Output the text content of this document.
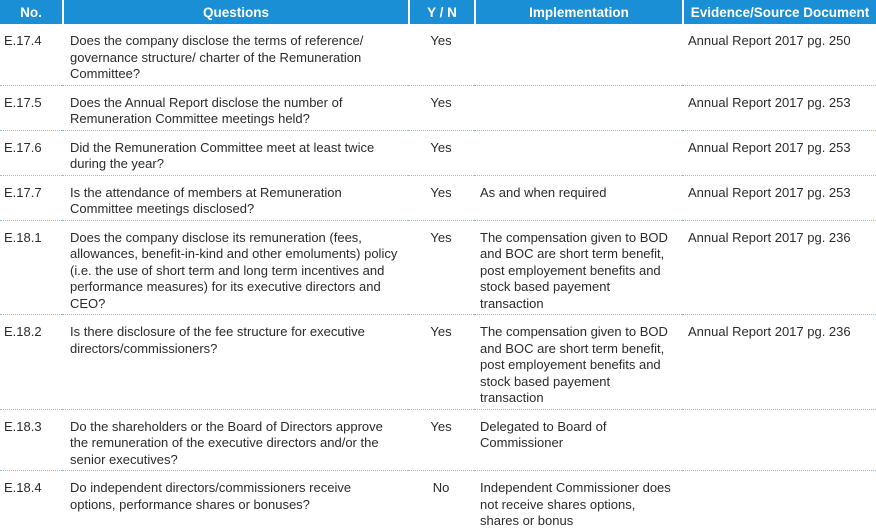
No.	Questions	Y / N	Implementation	Evidence/Source Document
E.17.4	Does the company disclose the terms of reference/ governance structure/ charter of the Remuneration Committee?	Yes		Annual Report 2017 pg. 250
E.17.5	Does the Annual Report disclose the number of Remuneration Committee meetings held?	Yes		Annual Report 2017 pg. 253
E.17.6	Did the Remuneration Committee meet at least twice during the year?	Yes		Annual Report 2017 pg. 253
E.17.7	Is the attendance of members at Remuneration Committee meetings disclosed?	Yes	As and when required	Annual Report 2017 pg. 253
E.18.1	Does the company disclose its remuneration (fees, allowances, benefit-in-kind and other emoluments) policy (i.e. the use of short term and long term incentives and performance measures) for its executive directors and CEO?	Yes	The compensation given to BOD and BOC are short term benefit, post employement benefits and stock based payement transaction	Annual Report 2017 pg. 236
E.18.2	Is there disclosure of the fee structure for executive directors/commissioners?	Yes	The compensation given to BOD and BOC are short term benefit, post employement benefits and stock based payement transaction	Annual Report 2017 pg. 236
E.18.3	Do the shareholders or the Board of Directors approve the remuneration of the executive directors and/or the senior executives?	Yes	Delegated to Board of Commissioner	
E.18.4	Do independent directors/commissioners receive options, performance shares or bonuses?	No	Independent Commissioner does not receive shares options, shares or bonus	
